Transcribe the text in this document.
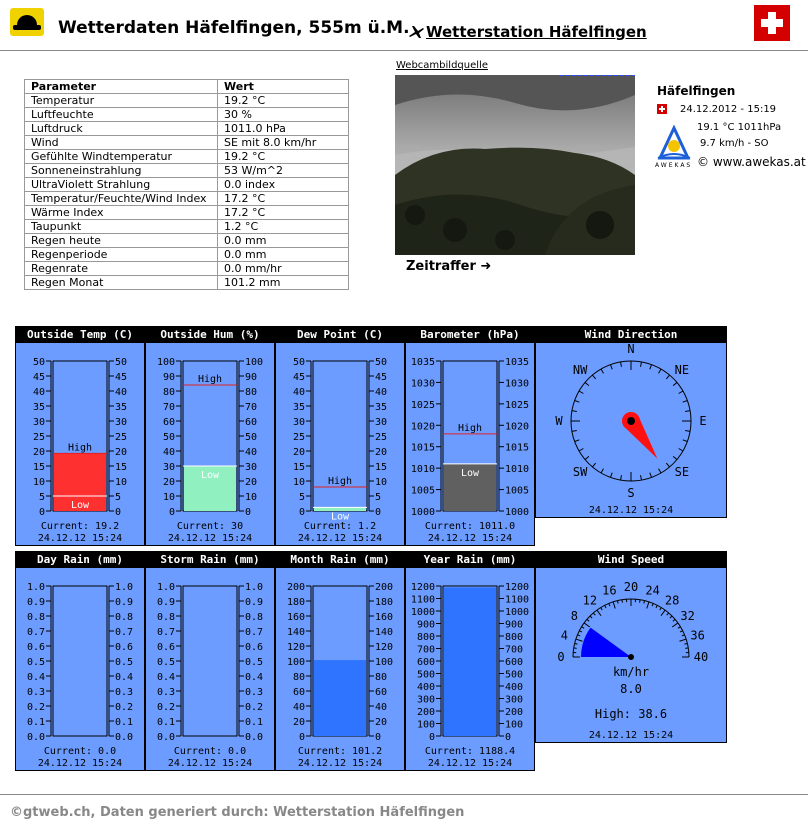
Wetterdaten Häfelfingen, 555m ü.M.	Wetterstation Häfelfingen
Parameter	Wert
Temperatur	19.2 °C
Luftfeuchte	30 %
Luftdruck	1011.0 hPa
Wind	SE mit 8.0 km/hr
Gefühlte Windtemperatur	19.2 °C
Sonneneinstrahlung	53 W/m^2
UltraViolett Strahlung	0.0 index
Temperatur/Feuchte/Wind Index	17.2 °C
Wärme Index	17.2 °C
Taupunkt	1.2 °C
Regen heute	0.0 mm
Regenperiode	0.0 mm
Regenrate	0.0 mm/hr
Regen Monat	101.2 mm
Webcambildquelle
Zeitraffer ➜
Häfelfingen
24.12.2012 - 15:19
AWEKAS
19.1 °C 1011hPa
9.7 km/h - SO
© www.awekas.at
Outside Temp (C)
0
5
10
15
20
25
30
35
40
45
50
0
5
10
15
20
25
30
35
40
45
50
High
Low
Current: 19.2
24.12.12 15:24
Outside Hum (%)
0
10
20
30
40
50
60
70
80
90
100
0
10
20
30
40
50
60
70
80
90
100
High
Low
Current: 30
24.12.12 15:24
Dew Point (C)
0
5
10
15
20
25
30
35
40
45
50
0
5
10
15
20
25
30
35
40
45
50
High
Low
Current: 1.2
24.12.12 15:24
Barometer (hPa)
1000
1005
1010
1015
1020
1025
1030
1035
1000
1005
1010
1015
1020
1025
1030
1035
High
Low
Current: 1011.0
24.12.12 15:24
Wind Direction
N
NE
E
SE
S
SW
W
NW
24.12.12 15:24
Day Rain (mm)
0.0
0.1
0.2
0.3
0.4
0.5
0.6
0.7
0.8
0.9
1.0
0.0
0.1
0.2
0.3
0.4
0.5
0.6
0.7
0.8
0.9
1.0
Current: 0.0
24.12.12 15:24
Storm Rain (mm)
0.0
0.1
0.2
0.3
0.4
0.5
0.6
0.7
0.8
0.9
1.0
0.0
0.1
0.2
0.3
0.4
0.5
0.6
0.7
0.8
0.9
1.0
Current: 0.0
24.12.12 15:24
Month Rain (mm)
0
20
40
60
80
100
120
140
160
180
200
0
20
40
60
80
100
120
140
160
180
200
Current: 101.2
24.12.12 15:24
Year Rain (mm)
0
100
200
300
400
500
600
700
800
900
1000
1100
1200
0
100
200
300
400
500
600
700
800
900
1000
1100
1200
Current: 1188.4
24.12.12 15:24
Wind Speed
0
4
8
12
16 20 24
28
32
36
40
km/hr
8.0
High: 38.6
24.12.12 15:24
©gtweb.ch, Daten generiert durch: Wetterstation Häfelfingen
